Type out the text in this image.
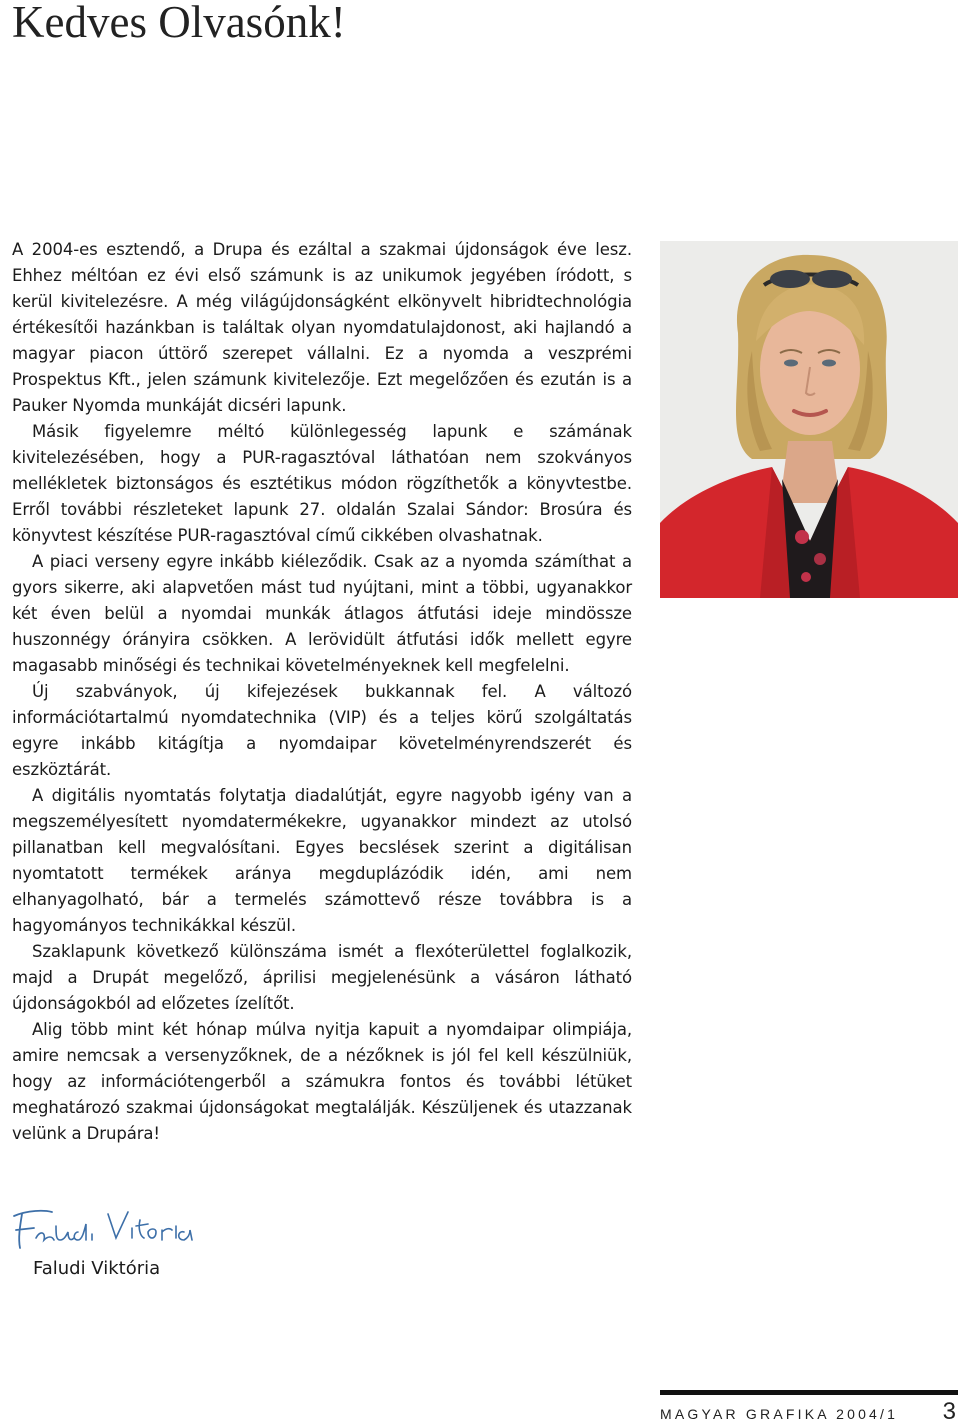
Kedves Olvasónk!

A 2004-es esztendő, a Drupa és ezáltal a szakmai újdonságok éve lesz. Ehhez méltóan ez évi első számunk is az unikumok jegyében íródott, s kerül kivitelezésre. A még világújdonságként elkönyvelt hibridtechnológia értékesítői hazánkban is találtak olyan nyomdatulajdonost, aki hajlandó a magyar piacon úttörő szerepet vállalni. Ez a nyomda a veszprémi Prospektus Kft., jelen számunk kivitelezője. Ezt megelőzően és ezután is a Pauker Nyomda munkáját dicséri lapunk.

Másik figyelemre méltó különlegesség lapunk e számának kivitelezésében, hogy a PUR-ragasztóval láthatóan nem szokványos mellékletek biztonságos és esztétikus módon rögzíthetők a könyvtestbe. Erről további részleteket lapunk 27. oldalán Szalai Sándor: Brosúra és könyvtest készítése PUR-ragasztóval című cikkében olvashatnak.

A piaci verseny egyre inkább kiéleződik. Csak az a nyomda számíthat a gyors sikerre, aki alapvetően mást tud nyújtani, mint a többi, ugyanakkor két éven belül a nyomdai munkák átlagos átfutási ideje mindössze huszonnégy órányira csökken. A lerövidült átfutási idők mellett egyre magasabb minőségi és technikai követelményeknek kell megfelelni.

Új szabványok, új kifejezések bukkannak fel. A változó információtartalmú nyomdatechnika (VIP) és a teljes körű szolgáltatás egyre inkább kitágítja a nyomdaipar követelményrendszerét és eszköztárát.

A digitális nyomtatás folytatja diadalútját, egyre nagyobb igény van a megszemélyesített nyomdatermékekre, ugyanakkor mindezt az utolsó pillanatban kell megvalósítani. Egyes becslések szerint a digitálisan nyomtatott termékek aránya megduplázódik idén, ami nem elhanyagolható, bár a termelés számottevő része továbbra is a hagyományos technikákkal készül.

Szaklapunk következő különszáma ismét a flexóterülettel foglalkozik, majd a Drupát megelőző, áprilisi megjelenésünk a vásáron látható újdonságokból ad előzetes ízelítőt.

Alig több mint két hónap múlva nyitja kapuit a nyomdaipar olimpiája, amire nemcsak a versenyzőknek, de a nézőknek is jól fel kell készülniük, hogy az információtengerből a számukra fontos és további létüket meghatározó szakmai újdonságokat megtalálják. Készüljenek és utazzanak velünk a Drupára!

Faludi Viktória
MAGYAR GRAFIKA 2004/1 3
